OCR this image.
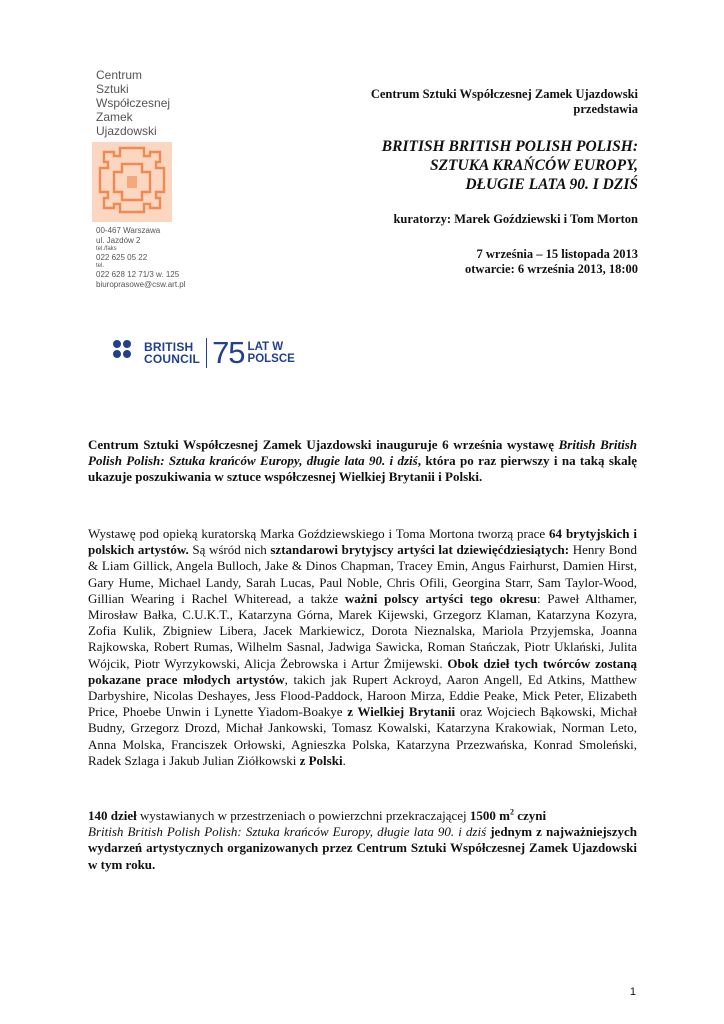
Centrum
Sztuki
Współczesnej
Zamek
Ujazdowski
00-467 Warszawa
ul. Jazdów 2
tel./faks
022 625 05 22
tel.
022 628 12 71/3 w. 125
biuroprasowe@csw.art.pl
Centrum Sztuki Współczesnej Zamek Ujazdowski
przedstawia
BRITISH BRITISH POLISH POLISH:
SZTUKA KRAŃCÓW EUROPY,
DŁUGIE LATA 90. I DZIŚ
kuratorzy: Marek Goździewski i Tom Morton
7 września – 15 listopada 2013
otwarcie: 6 września 2013, 18:00
BRITISH
COUNCIL 75 LAT W
POLSCE

Centrum Sztuki Współczesnej Zamek Ujazdowski inauguruje 6 września wystawę British British Polish Polish: Sztuka krańców Europy, długie lata 90. i dziś, która po raz pierwszy i na taką skalę ukazuje poszukiwania w sztuce współczesnej Wielkiej Brytanii i Polski.

Wystawę pod opieką kuratorską Marka Goździewskiego i Toma Mortona tworzą prace 64 brytyjskich i polskich artystów. Są wśród nich sztandarowi brytyjscy artyści lat dziewięćdziesiątych: Henry Bond & Liam Gillick, Angela Bulloch, Jake & Dinos Chapman, Tracey Emin, Angus Fairhurst, Damien Hirst, Gary Hume, Michael Landy, Sarah Lucas, Paul Noble, Chris Ofili, Georgina Starr, Sam Taylor-Wood, Gillian Wearing i Rachel Whiteread, a także ważni polscy artyści tego okresu: Paweł Althamer, Mirosław Bałka, C.U.K.T., Katarzyna Górna, Marek Kijewski, Grzegorz Klaman, Katarzyna Kozyra, Zofia Kulik, Zbigniew Libera, Jacek Markiewicz, Dorota Nieznalska, Mariola Przyjemska, Joanna Rajkowska, Robert Rumas, Wilhelm Sasnal, Jadwiga Sawicka, Roman Stańczak, Piotr Uklański, Julita Wójcik, Piotr Wyrzykowski, Alicja Żebrowska i Artur Żmijewski. Obok dzieł tych twórców zostaną pokazane prace młodych artystów, takich jak Rupert Ackroyd, Aaron Angell, Ed Atkins, Matthew Darbyshire, Nicolas Deshayes, Jess Flood-Paddock, Haroon Mirza, Eddie Peake, Mick Peter, Elizabeth Price, Phoebe Unwin i Lynette Yiadom-Boakye z Wielkiej Brytanii oraz Wojciech Bąkowski, Michał Budny, Grzegorz Drozd, Michał Jankowski, Tomasz Kowalski, Katarzyna Krakowiak, Norman Leto, Anna Molska, Franciszek Orłowski, Agnieszka Polska, Katarzyna Przezwańska, Konrad Smoleński, Radek Szlaga i Jakub Julian Ziółkowski z Polski.

140 dzieł wystawianych w przestrzeniach o powierzchni przekraczającej 1500 $m^2$ czyni
British British Polish Polish: Sztuka krańców Europy, długie lata 90. i dziś jednym z najważniejszych wydarzeń artystycznych organizowanych przez Centrum Sztuki Współczesnej Zamek Ujazdowski w tym roku.

1
